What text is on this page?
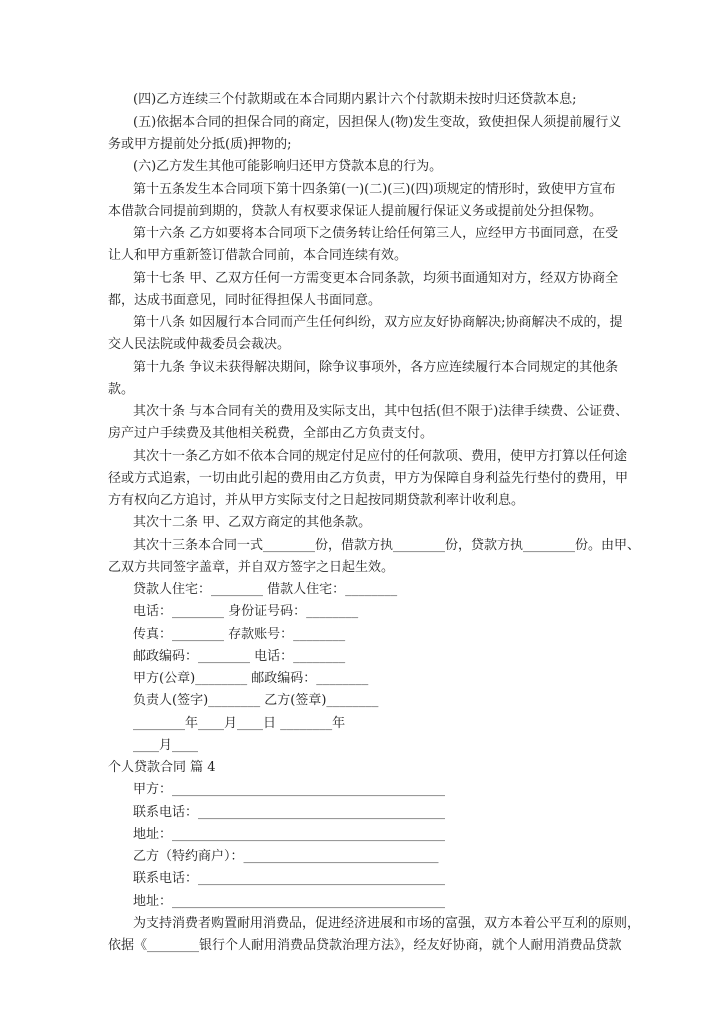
(四)乙方连续三个付款期或在本合同期内累计六个付款期未按时归还贷款本息;
(五)依据本合同的担保合同的商定，因担保人(物)发生变故，致使担保人须提前履行义
务或甲方提前处分抵(质)押物的;
(六)乙方发生其他可能影响归还甲方贷款本息的行为。
第十五条发生本合同项下第十四条第(一)(二)(三)(四)项规定的情形时，致使甲方宣布
本借款合同提前到期的，贷款人有权要求保证人提前履行保证义务或提前处分担保物。
第十六条 乙方如要将本合同项下之债务转让给任何第三人，应经甲方书面同意，在受
让人和甲方重新签订借款合同前，本合同连续有效。
第十七条 甲、乙双方任何一方需变更本合同条款，均须书面通知对方，经双方协商全
都，达成书面意见，同时征得担保人书面同意。
第十八条 如因履行本合同而产生任何纠纷，双方应友好协商解决;协商解决不成的，提
交人民法院或仲裁委员会裁决。
第十九条 争议未获得解决期间，除争议事项外，各方应连续履行本合同规定的其他条
款。
其次十条 与本合同有关的费用及实际支出，其中包括(但不限于)法律手续费、公证费、
房产过户手续费及其他相关税费，全部由乙方负责支付。
其次十一条乙方如不依本合同的规定付足应付的任何款项、费用，使甲方打算以任何途
径或方式追索，一切由此引起的费用由乙方负责，甲方为保障自身利益先行垫付的费用，甲
方有权向乙方追讨，并从甲方实际支付之日起按同期贷款利率计收利息。
其次十二条 甲、乙双方商定的其他条款。
其次十三条本合同一式________份，借款方执________份，贷款方执________份。由甲、
乙双方共同签字盖章，并自双方签字之日起生效。
贷款人住宅：________ 借款人住宅：________
电话：________ 身份证号码：________
传真：________ 存款账号：________
邮政编码：________ 电话：________
甲方(公章)________ 邮政编码：________
负责人(签字)________ 乙方(签章)________
________年____月____日 ________年
____月____
个人贷款合同 篇 4
甲方：__________________________________________
联系电话：______________________________________
地址：__________________________________________
乙方（特约商户）：______________________________
联系电话：______________________________________
地址：__________________________________________
为支持消费者购置耐用消费品，促进经济进展和市场的富强，双方本着公平互利的原则，
依据《________银行个人耐用消费品贷款治理方法》，经友好协商，就个人耐用消费品贷款
